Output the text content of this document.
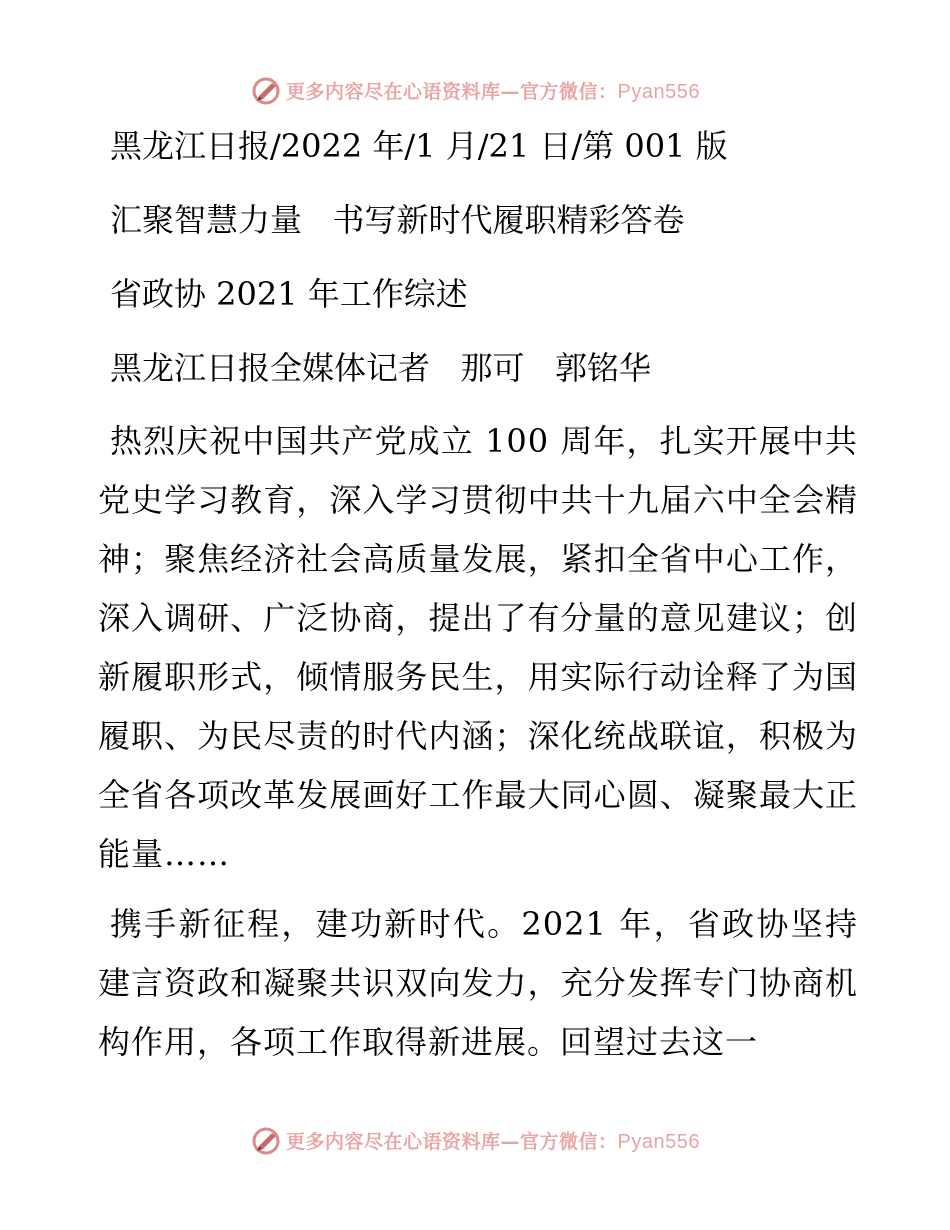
更多内容尽在心语资料库—官方微信：Pyan556
黑龙江日报/2022 年/1 月/21 日/第 001 版
汇聚智慧力量   书写新时代履职精彩答卷
省政协 2021 年工作综述
黑龙江日报全媒体记者   那可   郭铭华

热烈庆祝中国共产党成立 100 周年，扎实开展中共党史学习教育，深入学习贯彻中共十九届六中全会精神；聚焦经济社会高质量发展，紧扣全省中心工作，深入调研、广泛协商，提出了有分量的意见建议；创新履职形式，倾情服务民生，用实际行动诠释了为国履职、为民尽责的时代内涵；深化统战联谊，积极为全省各项改革发展画好工作最大同心圆、凝聚最大正能量……

携手新征程，建功新时代。2021 年，省政协坚持建言资政和凝聚共识双向发力，充分发挥专门协商机构作用，各项工作取得新进展。回望过去这一

更多内容尽在心语资料库—官方微信：Pyan556
